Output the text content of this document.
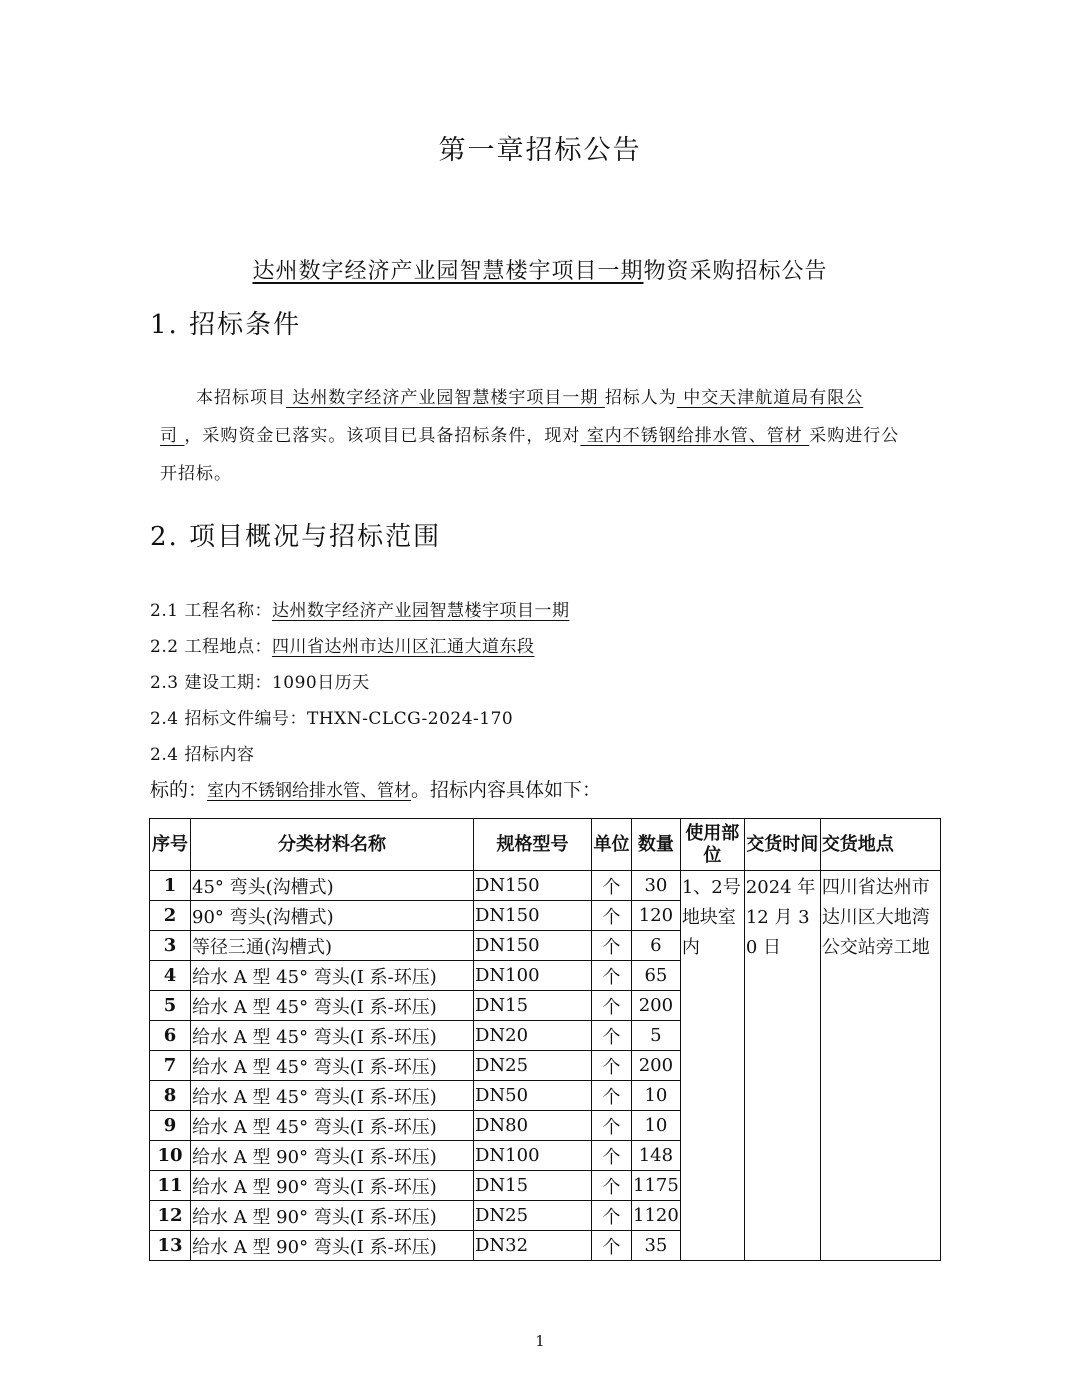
第一章招标公告
达州数字经济产业园智慧楼宇项目一期物资采购招标公告
1. 招标条件
本招标项目 达州数字经济产业园智慧楼宇项目一期 招标人为 中交天津航道局有限公
司 ，采购资金已落实。该项目已具备招标条件，现对 室内不锈钢给排水管、管材 采购进行公
开招标。
2. 项目概况与招标范围
2.1 工程名称：达州数字经济产业园智慧楼宇项目一期
2.2 工程地点：四川省达州市达川区汇通大道东段
2.3 建设工期：1090日历天
2.4 招标文件编号：THXN-CLCG-2024-170
2.4 招标内容
标的：室内不锈钢给排水管、管材。招标内容具体如下：
序号	分类材料名称	规格型号	单位	数量	使用部位	交货时间	交货地点
1	45° 弯头(沟槽式)	DN150	个	30	1、2号地块室内	2024 年 12 月 30 日	四川省达州市达川区大地湾公交站旁工地
2	90° 弯头(沟槽式)	DN150	个	120			
3	等径三通(沟槽式)	DN150	个	6			
4	给水 A 型 45° 弯头(I 系-环压)	DN100	个	65			
5	给水 A 型 45° 弯头(I 系-环压)	DN15	个	200			
6	给水 A 型 45° 弯头(I 系-环压)	DN20	个	5			
7	给水 A 型 45° 弯头(I 系-环压)	DN25	个	200			
8	给水 A 型 45° 弯头(I 系-环压)	DN50	个	10			
9	给水 A 型 45° 弯头(I 系-环压)	DN80	个	10			
10	给水 A 型 90° 弯头(I 系-环压)	DN100	个	148			
11	给水 A 型 90° 弯头(I 系-环压)	DN15	个	1175			
12	给水 A 型 90° 弯头(I 系-环压)	DN25	个	1120			
13	给水 A 型 90° 弯头(I 系-环压)	DN32	个	35			
1
